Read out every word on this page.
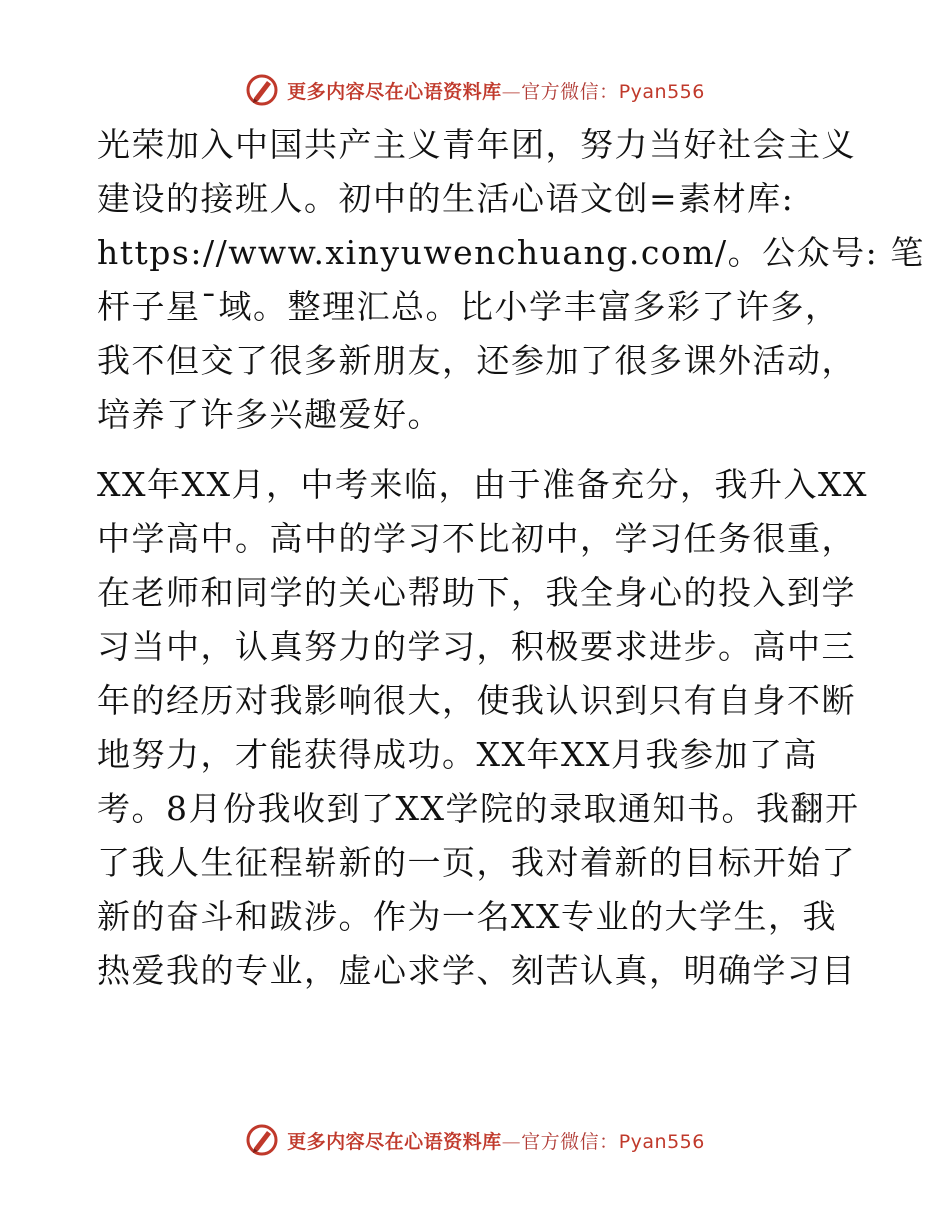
更多内容尽在心语资料库—官方微信：Pyan556
光荣加入中国共产主义青年团，努力当好社会主义
建设的接班人。初中的生活心语文创=素材库:
https://www.xinyuwenchuang.com/。公众号: 笔
杆子星¯域。整理汇总。比小学丰富多彩了许多，
我不但交了很多新朋友，还参加了很多课外活动，
培养了许多兴趣爱好。
XX年XX月，中考来临，由于准备充分，我升入XX
中学高中。高中的学习不比初中，学习任务很重，
在老师和同学的关心帮助下，我全身心的投入到学
习当中，认真努力的学习，积极要求进步。高中三
年的经历对我影响很大，使我认识到只有自身不断
地努力，才能获得成功。XX年XX月我参加了高
考。8月份我收到了XX学院的录取通知书。我翻开
了我人生征程崭新的一页，我对着新的目标开始了
新的奋斗和跋涉。作为一名XX专业的大学生，我
热爱我的专业，虚心求学、刻苦认真，明确学习目
更多内容尽在心语资料库—官方微信：Pyan556
